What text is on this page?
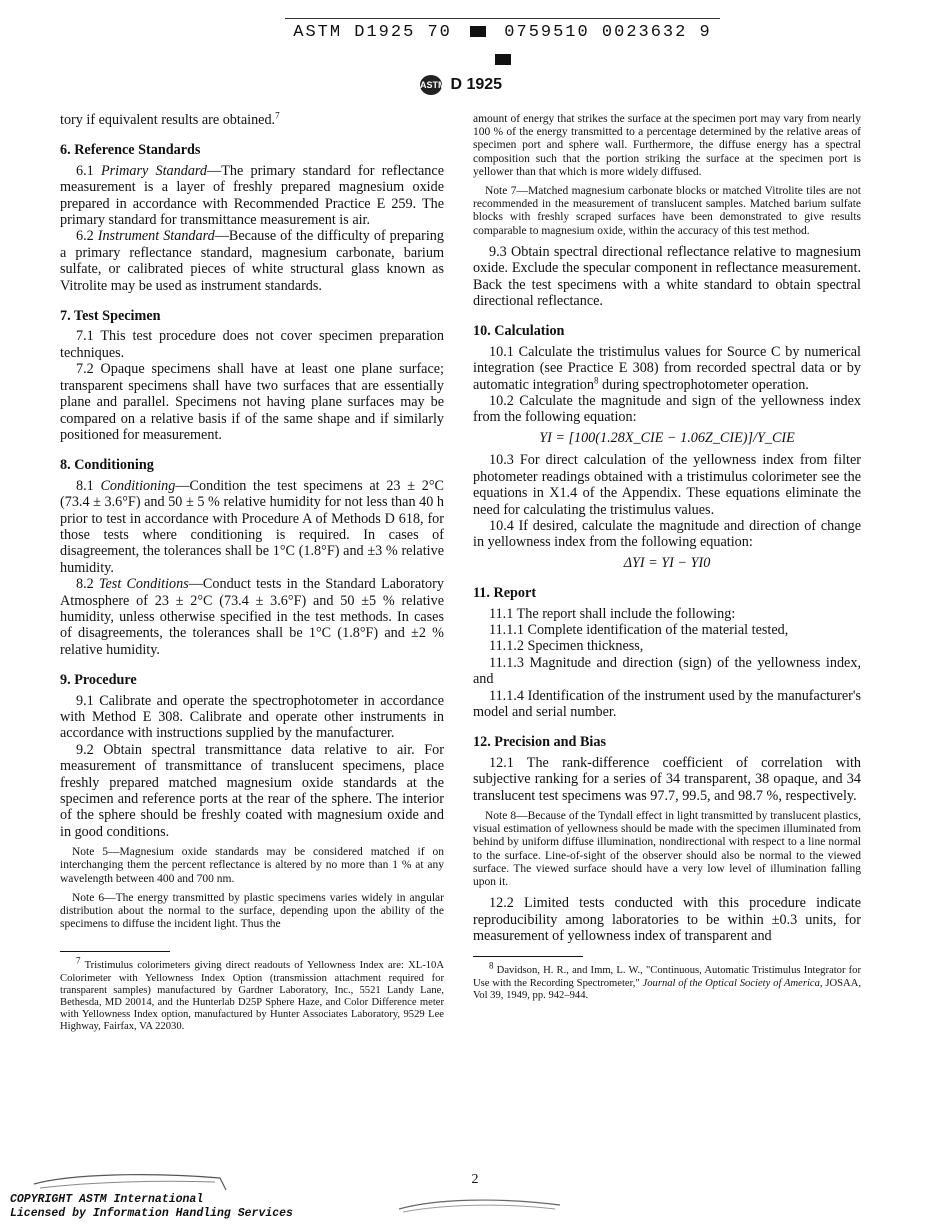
ASTM D1925 70	0759510 0023632 9
ASTM D 1925

tory if equivalent results are obtained.$^7$

6. Reference Standards

6.1 Primary Standard—The primary standard for reflectance measurement is a layer of freshly prepared magnesium oxide prepared in accordance with Recommended Practice E 259. The primary standard for transmittance measurement is air.

6.2 Instrument Standard—Because of the difficulty of preparing a primary reflectance standard, magnesium carbonate, barium sulfate, or calibrated pieces of white structural glass known as Vitrolite may be used as instrument standards.

7. Test Specimen

7.1 This test procedure does not cover specimen preparation techniques.

7.2 Opaque specimens shall have at least one plane surface; transparent specimens shall have two surfaces that are essentially plane and parallel. Specimens not having plane surfaces may be compared on a relative basis if of the same shape and if similarly positioned for measurement.

8. Conditioning

8.1 Conditioning—Condition the test specimens at 23 ± 2°C (73.4 ± 3.6°F) and 50 ± 5 % relative humidity for not less than 40 h prior to test in accordance with Procedure A of Methods D 618, for those tests where conditioning is required. In cases of disagreement, the tolerances shall be 1°C (1.8°F) and ±3 % relative humidity.

8.2 Test Conditions—Conduct tests in the Standard Laboratory Atmosphere of 23 ± 2°C (73.4 ± 3.6°F) and 50 ±5 % relative humidity, unless otherwise specified in the test methods. In cases of disagreements, the tolerances shall be 1°C (1.8°F) and ±2 % relative humidity.

9. Procedure

9.1 Calibrate and operate the spectrophotometer in accordance with Method E 308. Calibrate and operate other instruments in accordance with instructions supplied by the manufacturer.

9.2 Obtain spectral transmittance data relative to air. For measurement of transmittance of translucent specimens, place freshly prepared matched magnesium oxide standards at the specimen and reference ports at the rear of the sphere. The interior of the sphere should be freshly coated with magnesium oxide and in good conditions.

Note 5—Magnesium oxide standards may be considered matched if on interchanging them the percent reflectance is altered by no more than 1 % at any wavelength between 400 and 700 nm.

Note 6—The energy transmitted by plastic specimens varies widely in angular distribution about the normal to the surface, depending upon the ability of the specimens to diffuse the incident light. Thus the

$^7$ Tristimulus colorimeters giving direct readouts of Yellowness Index are: XL-10A Colorimeter with Yellowness Index Option (transmission attachment required for transparent samples) manufactured by Gardner Laboratory, Inc., 5521 Landy Lane, Bethesda, MD 20014, and the Hunterlab D25P Sphere Haze, and Color Difference meter with Yellowness Index option, manufactured by Hunter Associates Laboratory, 9529 Lee Highway, Fairfax, VA 22030.

amount of energy that strikes the surface at the specimen port may vary from nearly 100 % of the energy transmitted to a percentage determined by the relative areas of specimen port and sphere wall. Furthermore, the diffuse energy has a spectral composition such that the portion striking the surface at the specimen port is yellower than that which is more widely diffused.

Note 7—Matched magnesium carbonate blocks or matched Vitrolite tiles are not recommended in the measurement of translucent samples. Matched barium sulfate blocks with freshly scraped surfaces have been demonstrated to give results comparable to magnesium oxide, within the accuracy of this test method.

9.3 Obtain spectral directional reflectance relative to magnesium oxide. Exclude the specular component in reflectance measurement. Back the test specimens with a white standard to obtain spectral directional reflectance.

10. Calculation

10.1 Calculate the tristimulus values for Source C by numerical integration (see Practice E 308) from recorded spectral data or by automatic integration$^8$ during spectrophotometer operation.

10.2 Calculate the magnitude and sign of the yellowness index from the following equation:

YI = [100(1.28X_CIE − 1.06Z_CIE)]/Y_CIE

10.3 For direct calculation of the yellowness index from filter photometer readings obtained with a tristimulus colorimeter see the equations in X1.4 of the Appendix. These equations eliminate the need for calculating the tristimulus values.

10.4 If desired, calculate the magnitude and direction of change in yellowness index from the following equation:

ΔYI = YI − YI0
11. Report

11.1 The report shall include the following:

11.1.1 Complete identification of the material tested,

11.1.2 Specimen thickness,

11.1.3 Magnitude and direction (sign) of the yellowness index, and

11.1.4 Identification of the instrument used by the manufacturer's model and serial number.

12. Precision and Bias

12.1 The rank-difference coefficient of correlation with subjective ranking for a series of 34 transparent, 38 opaque, and 34 translucent test specimens was 97.7, 99.5, and 98.7 %, respectively.

Note 8—Because of the Tyndall effect in light transmitted by translucent plastics, visual estimation of yellowness should be made with the specimen illuminated from behind by uniform diffuse illumination, nondirectional with respect to a line normal to the surface. Line-of-sight of the observer should also be normal to the viewed surface. The viewed surface should have a very low level of illumination falling upon it.

12.2 Limited tests conducted with this procedure indicate reproducibility among laboratories to be within ±0.3 units, for measurement of yellowness index of transparent and

$^8$ Davidson, H. R., and Imm, L. W., "Continuous, Automatic Tristimulus Integrator for Use with the Recording Spectrometer," Journal of the Optical Society of America, JOSAA, Vol 39, 1949, pp. 942–944.

2
COPYRIGHT ASTM International
Licensed by Information Handling Services
